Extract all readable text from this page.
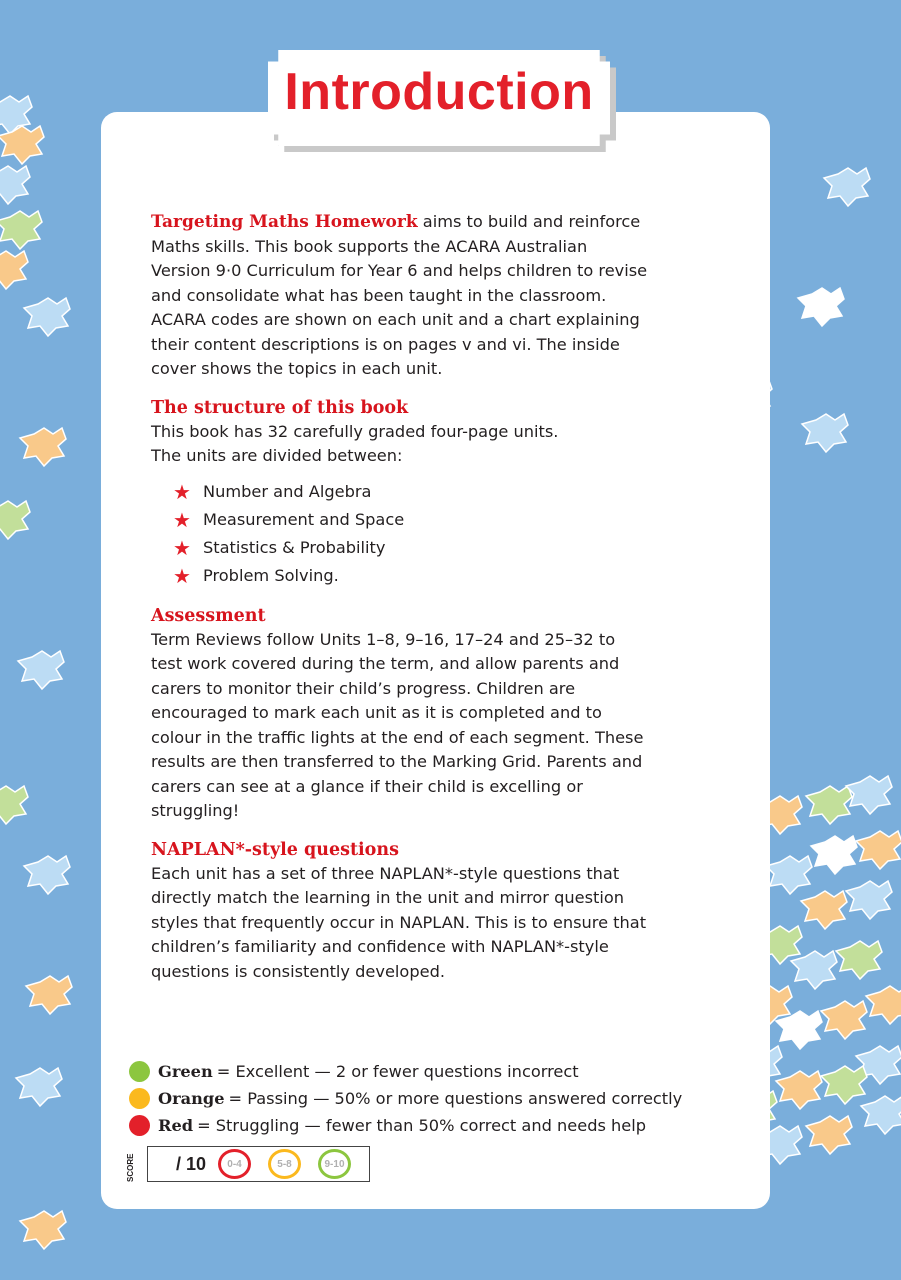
Introduction

Targeting Maths Homework aims to build and reinforce Maths skills. This book supports the ACARA Australian Version 9·0 Curriculum for Year 6 and helps children to revise and consolidate what has been taught in the classroom. ACARA codes are shown on each unit and a chart explaining their content descriptions is on pages v and vi. The inside cover shows the topics in each unit.

The structure of this book

This book has 32 carefully graded four-page units.

The units are divided between:

★ Number and Algebra
★ Measurement and Space
★ Statistics & Probability
★ Problem Solving.
Assessment

Term Reviews follow Units 1–8, 9–16, 17–24 and 25–32 to test work covered during the term, and allow parents and carers to monitor their child’s progress. Children are encouraged to mark each unit as it is completed and to colour in the traffic lights at the end of each segment. These results are then transferred to the Marking Grid. Parents and carers can see at a glance if their child is excelling or struggling!

NAPLAN*-style questions

Each unit has a set of three NAPLAN*-style questions that directly match the learning in the unit and mirror question styles that frequently occur in NAPLAN. This is to ensure that children’s familiarity and confidence with NAPLAN*-style questions is consistently developed.

Green = Excellent — 2 or fewer questions incorrect
Orange = Passing — 50% or more questions answered correctly
Red = Struggling — fewer than 50% correct and needs help
SCORE / 10	0-4	5-8	9-10
